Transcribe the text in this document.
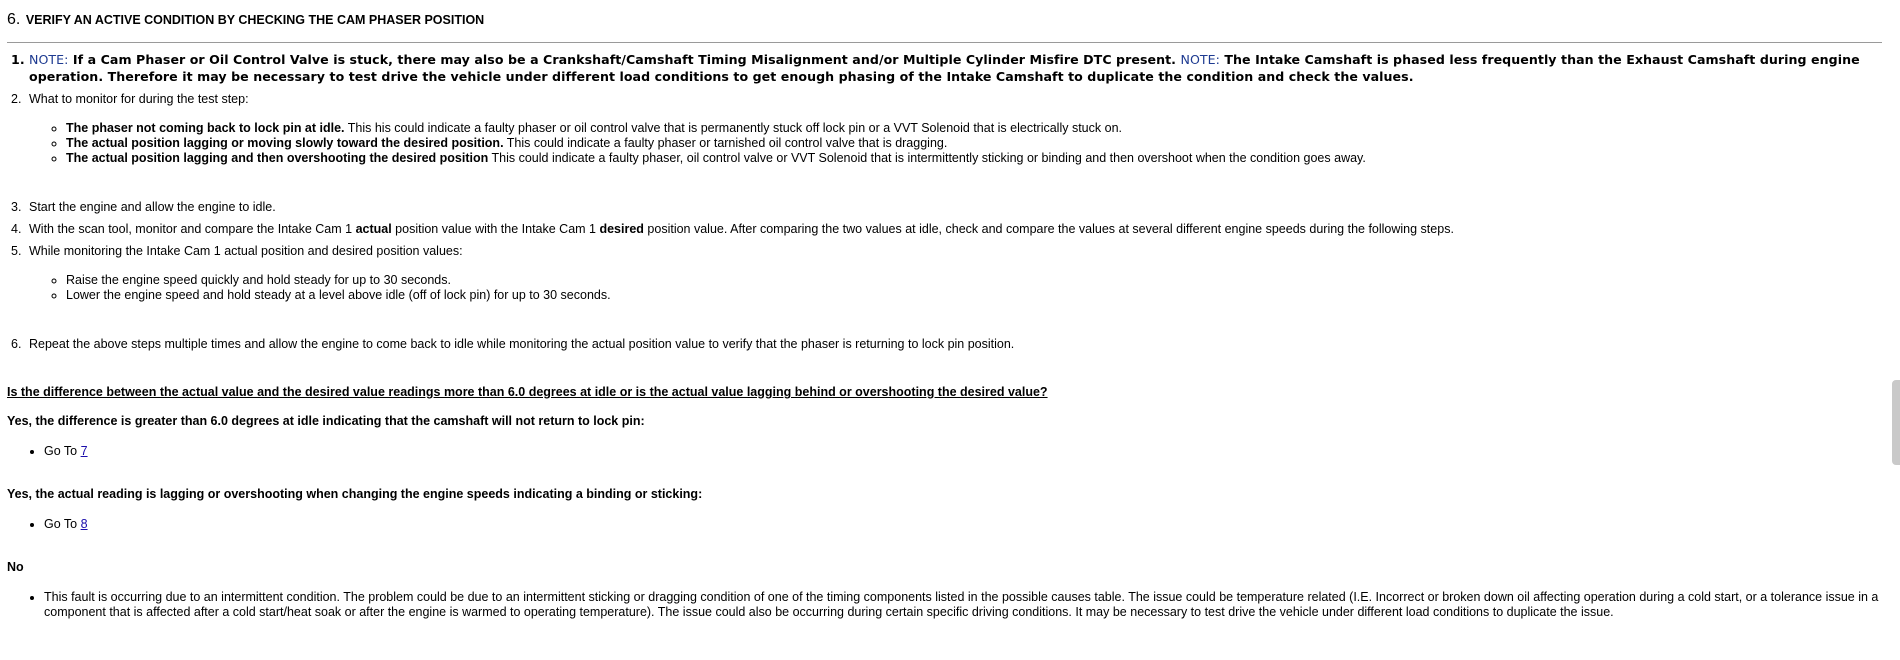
6. VERIFY AN ACTIVE CONDITION BY CHECKING THE CAM PHASER POSITION
1. NOTE: If a Cam Phaser or Oil Control Valve is stuck, there may also be a Crankshaft/Camshaft Timing Misalignment and/or Multiple Cylinder Misfire DTC present. NOTE: The Intake Camshaft is phased less frequently than the Exhaust Camshaft during engine operation. Therefore it may be necessary to test drive the vehicle under different load conditions to get enough phasing of the Intake Camshaft to duplicate the condition and check the values.
2. What to monitor for during the test step:
◦ The phaser not coming back to lock pin at idle. This his could indicate a faulty phaser or oil control valve that is permanently stuck off lock pin or a VVT Solenoid that is electrically stuck on.
◦ The actual position lagging or moving slowly toward the desired position. This could indicate a faulty phaser or tarnished oil control valve that is dragging.
◦ The actual position lagging and then overshooting the desired position This could indicate a faulty phaser, oil control valve or VVT Solenoid that is intermittently sticking or binding and then overshoot when the condition goes away.
3. Start the engine and allow the engine to idle.
4. With the scan tool, monitor and compare the Intake Cam 1 actual position value with the Intake Cam 1 desired position value. After comparing the two values at idle, check and compare the values at several different engine speeds during the following steps.
5. While monitoring the Intake Cam 1 actual position and desired position values:
◦ Raise the engine speed quickly and hold steady for up to 30 seconds.
◦ Lower the engine speed and hold steady at a level above idle (off of lock pin) for up to 30 seconds.
6. Repeat the above steps multiple times and allow the engine to come back to idle while monitoring the actual position value to verify that the phaser is returning to lock pin position.
Is the difference between the actual value and the desired value readings more than 6.0 degrees at idle or is the actual value lagging behind or overshooting the desired value?
Yes, the difference is greater than 6.0 degrees at idle indicating that the camshaft will not return to lock pin:
• Go To 7
Yes, the actual reading is lagging or overshooting when changing the engine speeds indicating a binding or sticking:
• Go To 8
No
• This fault is occurring due to an intermittent condition. The problem could be due to an intermittent sticking or dragging condition of one of the timing components listed in the possible causes table. The issue could be temperature related (I.E. Incorrect or broken down oil affecting operation during a cold start, or a tolerance issue in a component that is affected after a cold start/heat soak or after the engine is warmed to operating temperature). The issue could also be occurring during certain specific driving conditions. It may be necessary to test drive the vehicle under different load conditions to duplicate the issue.
